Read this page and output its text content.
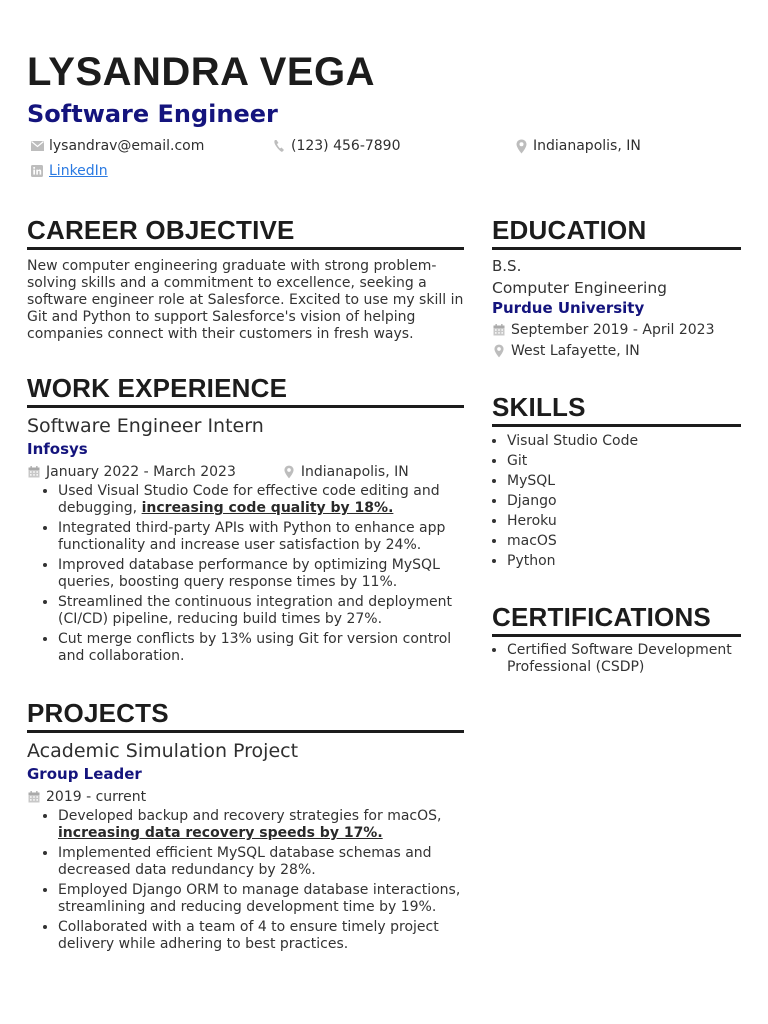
LYSANDRA VEGA
Software Engineer
lysandrav@email.com	(123) 456-7890	Indianapolis, IN
LinkedIn
CAREER OBJECTIVE
New computer engineering graduate with strong problem-solving skills and a commitment to excellence, seeking a software engineer role at Salesforce. Excited to use my skill in Git and Python to support Salesforce's vision of helping companies connect with their customers in fresh ways.
WORK EXPERIENCE
Software Engineer Intern
Infosys
January 2022 - March 2023	Indianapolis, IN
• Used Visual Studio Code for effective code editing and debugging, increasing code quality by 18%.
• Integrated third-party APIs with Python to enhance app functionality and increase user satisfaction by 24%.
• Improved database performance by optimizing MySQL queries, boosting query response times by 11%.
• Streamlined the continuous integration and deployment (CI/CD) pipeline, reducing build times by 27%.
• Cut merge conflicts by 13% using Git for version control and collaboration.
PROJECTS
Academic Simulation Project
Group Leader
2019 - current
• Developed backup and recovery strategies for macOS, increasing data recovery speeds by 17%.
• Implemented efficient MySQL database schemas and decreased data redundancy by 28%.
• Employed Django ORM to manage database interactions, streamlining and reducing development time by 19%.
• Collaborated with a team of 4 to ensure timely project delivery while adhering to best practices.
EDUCATION
B.S.
Computer Engineering
Purdue University
September 2019 - April 2023
West Lafayette, IN
SKILLS
• Visual Studio Code
• Git
• MySQL
• Django
• Heroku
• macOS
• Python
CERTIFICATIONS
• Certified Software Development Professional (CSDP)
